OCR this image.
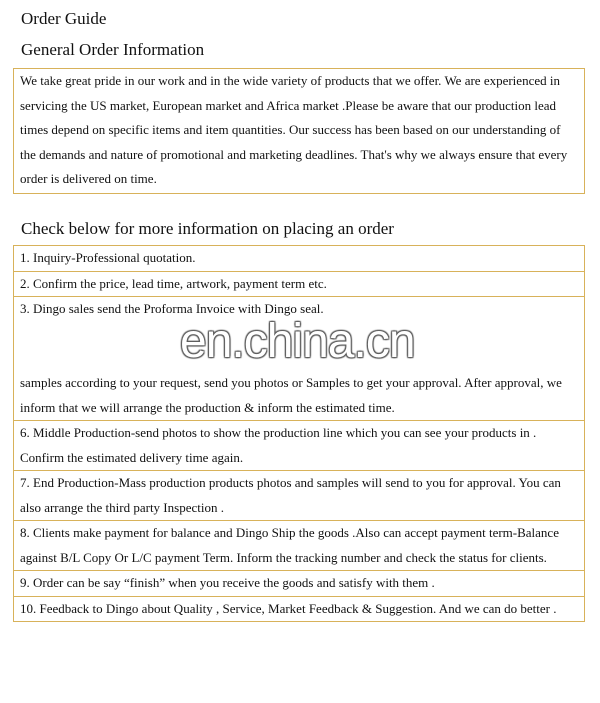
Order Guide
General Order Information
We take great pride in our work and in the wide variety of products that we offer. We are experienced in servicing the US market, European market and Africa market .Please be aware that our production lead times depend on specific items and item quantities. Our success has been based on our understanding of the demands and nature of promotional and marketing deadlines. That's why we always ensure that every order is delivered on time.
Check below for more information on placing an order
1. Inquiry-Professional quotation.
2. Confirm the price, lead time, artwork, payment term etc.
3. Dingo sales send the Proforma Invoice with Dingo seal.
samples according to your request, send you photos or Samples to get your approval. After approval, we inform that we will arrange the production & inform the estimated time.
6. Middle Production-send photos to show the production line which you can see your products in . Confirm the estimated delivery time again.
7. End Production-Mass production products photos and samples will send to you for approval. You can also arrange the third party Inspection .
8. Clients make payment for balance and Dingo Ship the goods .Also can accept payment term-Balance against B/L Copy Or L/C payment Term. Inform the tracking number and check the status for clients.
9. Order can be say “finish” when you receive the goods and satisfy with them .
10. Feedback to Dingo about Quality , Service, Market Feedback & Suggestion. And we can do better .
en.china.cn
